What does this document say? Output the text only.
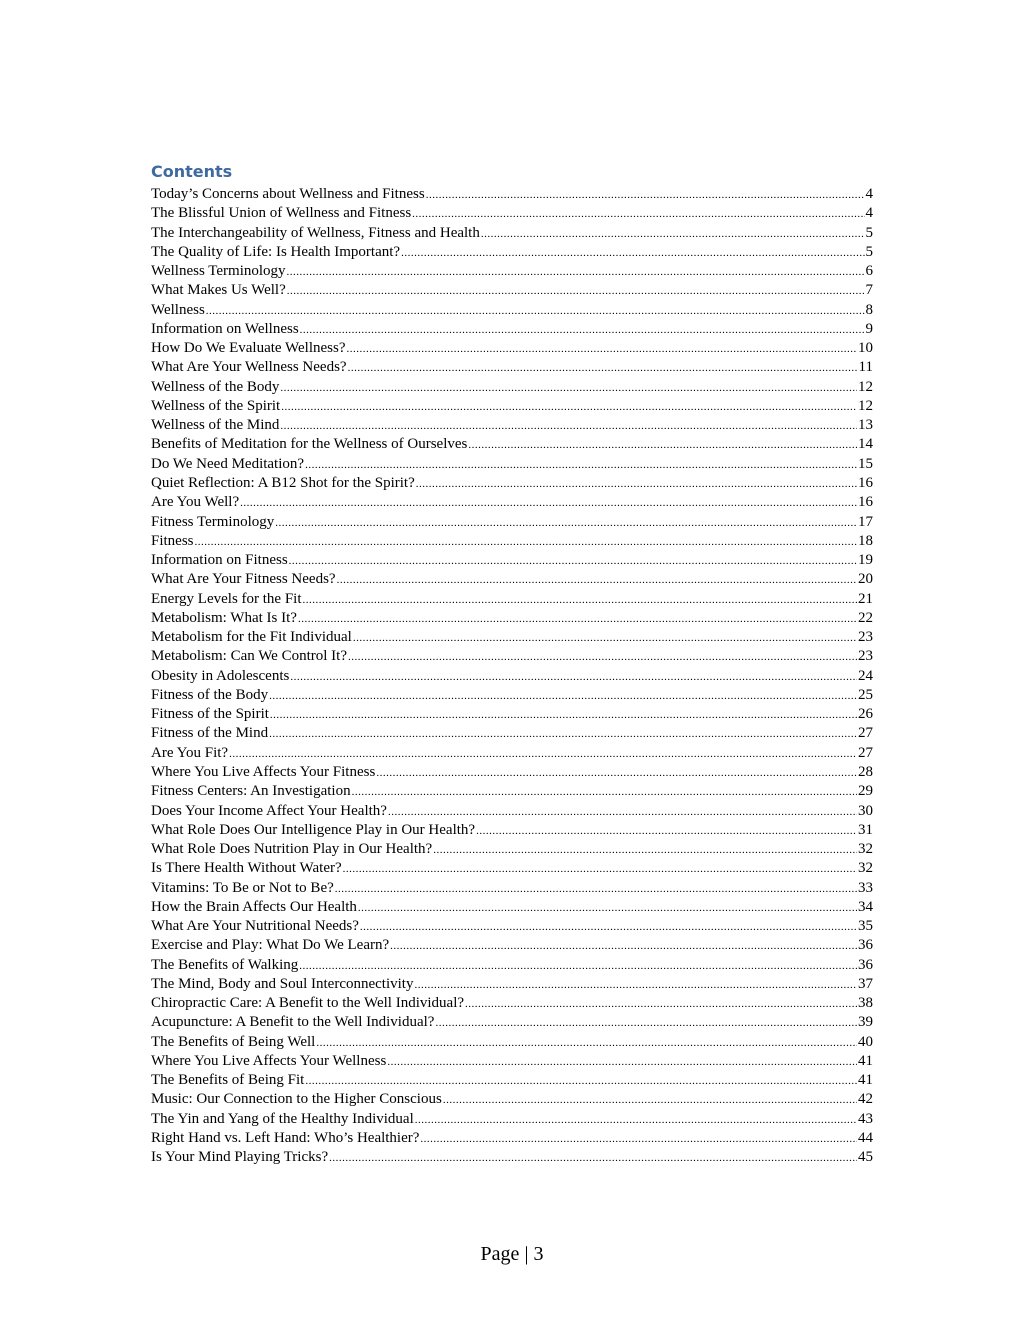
Contents
Today’s Concerns about Wellness and Fitness .....	4
The Blissful Union of Wellness and Fitness .....	4
The Interchangeability of Wellness, Fitness and Health .....	5
The Quality of Life: Is Health Important? .....	5
Wellness Terminology .....	6
What Makes Us Well? .....	7
Wellness .....	8
Information on Wellness .....	9
How Do We Evaluate Wellness? .....	10
What Are Your Wellness Needs? .....	11
Wellness of the Body .....	12
Wellness of the Spirit .....	12
Wellness of the Mind .....	13
Benefits of Meditation for the Wellness of Ourselves .....	14
Do We Need Meditation? .....	15
Quiet Reflection: A B12 Shot for the Spirit? .....	16
Are You Well? .....	16
Fitness Terminology .....	17
Fitness .....	18
Information on Fitness .....	19
What Are Your Fitness Needs? .....	20
Energy Levels for the Fit .....	21
Metabolism: What Is It? .....	22
Metabolism for the Fit Individual .....	23
Metabolism: Can We Control It? .....	23
Obesity in Adolescents .....	24
Fitness of the Body .....	25
Fitness of the Spirit .....	26
Fitness of the Mind .....	27
Are You Fit? .....	27
Where You Live Affects Your Fitness .....	28
Fitness Centers: An Investigation .....	29
Does Your Income Affect Your Health? .....	30
What Role Does Our Intelligence Play in Our Health? .....	31
What Role Does Nutrition Play in Our Health? .....	32
Is There Health Without Water? .....	32
Vitamins: To Be or Not to Be? .....	33
How the Brain Affects Our Health .....	34
What Are Your Nutritional Needs? .....	35
Exercise and Play: What Do We Learn? .....	36
The Benefits of Walking .....	36
The Mind, Body and Soul Interconnectivity .....	37
Chiropractic Care: A Benefit to the Well Individual? .....	38
Acupuncture: A Benefit to the Well Individual? .....	39
The Benefits of Being Well .....	40
Where You Live Affects Your Wellness .....	41
The Benefits of Being Fit .....	41
Music: Our Connection to the Higher Conscious .....	42
The Yin and Yang of the Healthy Individual .....	43
Right Hand vs. Left Hand: Who’s Healthier? .....	44
Is Your Mind Playing Tricks? .....	45
Page | 3
